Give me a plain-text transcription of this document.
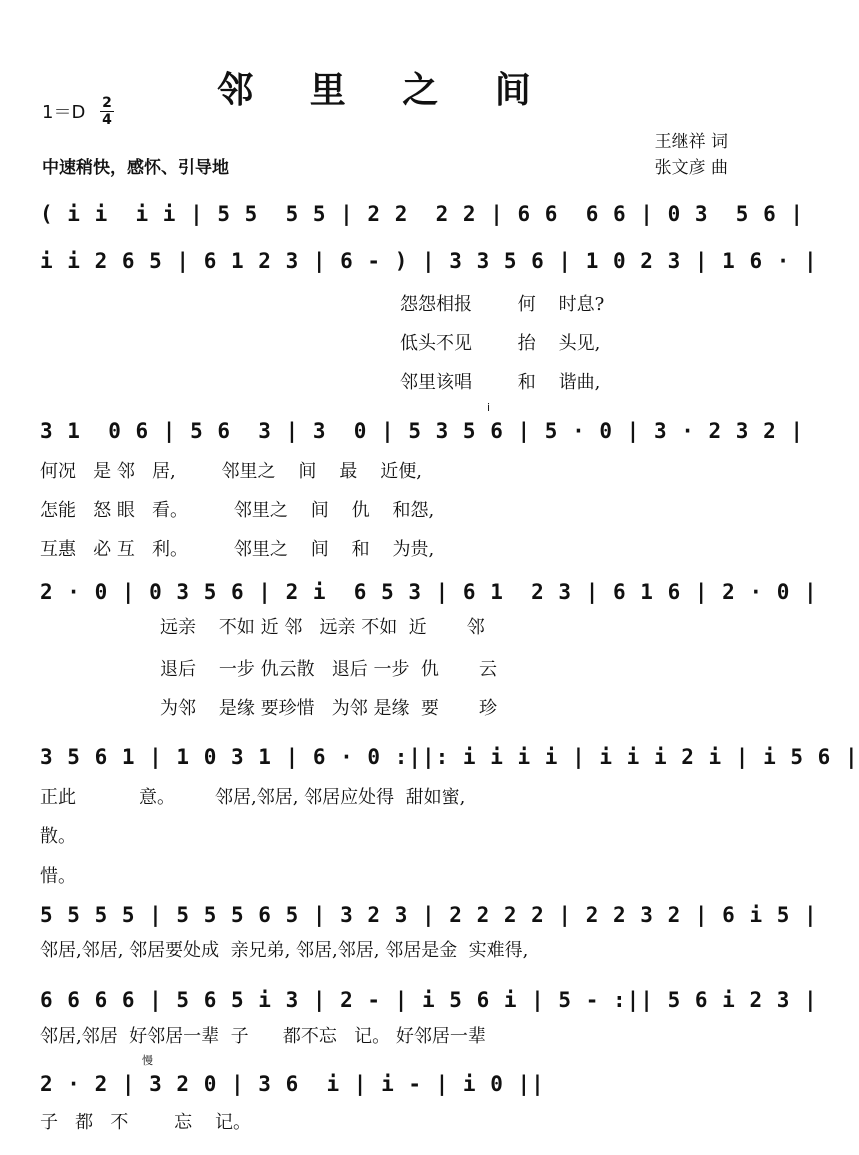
邻 里 之 间
1＝D 2
4
中速稍快，感怀、引导地
王继祥 词
张文彦 曲
( i i  i i | 5 5  5 5 | 2 2  2 2 | 6 6  6 6 | 0 3  5 6 |
i i 2 6 5 | 6 1 2 3 | 6 - ) | 3 3 5 6 | 1 0 2 3 | 1 6 · |
怨怨相报        何    时息?
低头不见        抬    头见,
邻里该唱        和    谐曲,
3 1  0 6 | 5 6  3 | 3  0 | 5 3 5 6 | 5 · 0 | 3 · 2 3 2 |
i
何况   是 邻   居,        邻里之    间    最    近便,
怎能   怒 眼   看。        邻里之    间    仇    和怨,
互惠   必 互   利。        邻里之    间    和    为贵,
2 · 0 | 0 3 5 6 | 2 i  6 5 3 | 6 1  2 3 | 6 1 6 | 2 · 0 |
远亲    不如 近 邻   远亲 不如  近       邻
退后    一步 仇云散   退后 一步  仇       云
为邻    是缘 要珍惜   为邻 是缘  要       珍
3 5 6 1 | 1 0 3 1 | 6 · 0 :||: i i i i | i i i 2 i | i 5 6 |
正此           意。       邻居,邻居, 邻居应处得  甜如蜜,
散。
惜。
5 5 5 5 | 5 5 5 6 5 | 3 2 3 | 2 2 2 2 | 2 2 3 2 | 6 i 5 |
邻居,邻居, 邻居要处成  亲兄弟, 邻居,邻居, 邻居是金  实难得,
6 6 6 6 | 5 6 5 i 3 | 2 - | i 5 6 i | 5 - :|| 5 6 i 2 3 |
邻居,邻居  好邻居一辈  子      都不忘   记。 好邻居一辈
2 · 2 | 3 2 0 | 3 6  i | i - | i 0 ||
慢
子   都   不        忘    记。
